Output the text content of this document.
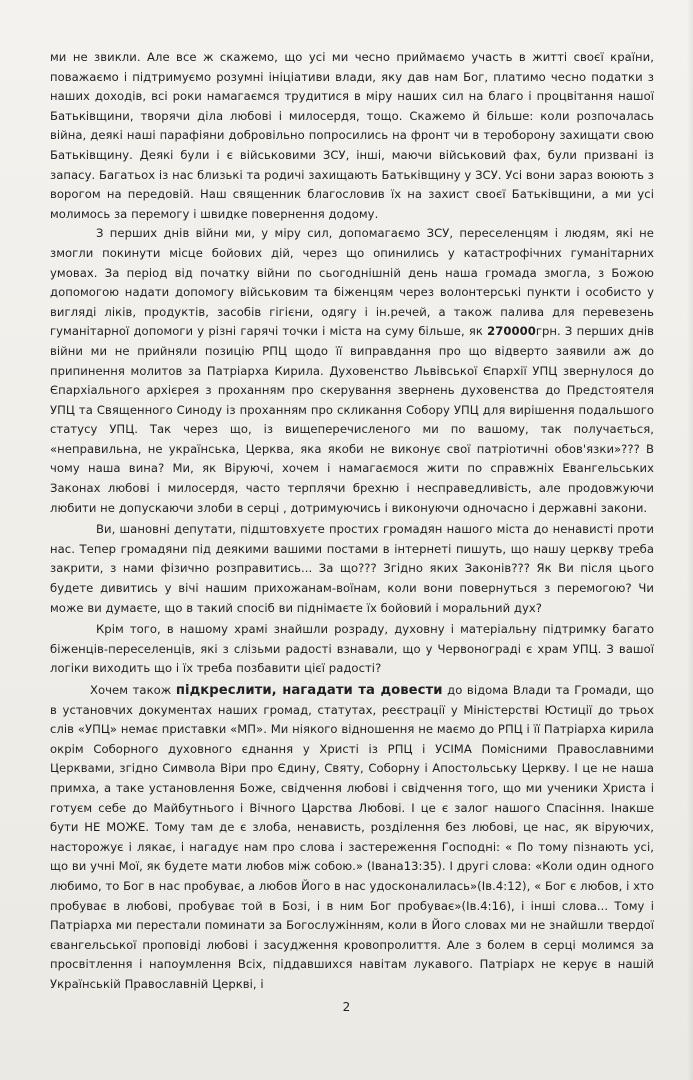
ми не звикли. Але все ж скажемо, що усі ми чесно приймаємо участь в житті своєї країни, поважаємо і підтримуємо розумні ініціативи влади, яку дав нам Бог, платимо чесно податки з наших доходів, всі роки намагаємся трудитися в міру наших сил на благо і процвітання нашої Батьківщини, творячи діла любові і милосердя, тощо. Скажемо й більше: коли розпочалась війна, деякі наші парафіяни добровільно попросились на фронт чи в тероборону захищати свою Батьківщину. Деякі були і є військовими ЗСУ, інші, маючи військовий фах, були призвані із запасу. Багатьох із нас близькі та родичі захищають Батьківщину у ЗСУ. Усі вони зараз воюють з ворогом на передовій. Наш священник благословив їх на захист своєї Батьківщини, а ми усі молимось за перемогу і швидке повернення додому.

З перших днів війни ми, у міру сил, допомагаємо ЗСУ, переселенцям і людям, які не змогли покинути місце бойових дій, через що опинились у катастрофічних гуманітарних умовах. За період від початку війни по сьогоднішній день наша громада змогла, з Божою допомогою надати допомогу військовим та біженцям через волонтерські пункти і особисто у вигляді ліків, продуктів, засобів гігієни, одягу і ін.речей, а також палива для перевезень гуманітарної допомоги у різні гарячі точки і міста на суму більше, як 270000грн. З перших днів війни ми не прийняли позицію РПЦ щодо її виправдання про що відверто заявили аж до припинення молитов за Патріарха Кирила. Духовенство Львівської Єпархії УПЦ звернулося до Єпархіального архієрея з проханням про скерування звернень духовенства до Предстоятеля УПЦ та Священного Синоду із проханням про скликання Собору УПЦ для вирішення подальшого статусу УПЦ. Так через що, із вищеперечисленого ми по вашому, так получається, «неправильна, не українська, Церква, яка якоби не виконує свої патріотичні обов'язки»??? В чому наша вина? Ми, як Віруючі, хочем і намагаємося жити по справжніх Евангельських Законах любові і милосердя, часто терплячи брехню і несправедливість, але продовжуючи любити не допускаючи злоби в серці , дотримуючись і виконуючи одночасно і державні закони.

Ви, шановні депутати, підштовхуєте простих громадян нашого міста до ненависті проти нас. Тепер громадяни під деякими вашими постами в інтернеті пишуть, що нашу церкву треба закрити, з нами фізично розправитись... За що??? Згідно яких Законів??? Як Ви після цього будете дивитись у вічі нашим прихожанам-воїнам, коли вони повернуться з перемогою? Чи може ви думаєте, що в такий спосіб ви піднімаєте їх бойовий і моральний дух?

Крім того, в нашому храмі знайшли розраду, духовну і матеріальну підтримку багато біженців-переселенців, які з слізьми радості взнавали, що у Червонограді є храм УПЦ. З вашої логіки виходить що і їх треба позбавити цієї радості?

Хочем також підкреслити, нагадати та довести до відома Влади та Громади, що в установчих документах наших громад, статутах, реєстрації у Міністерстві Юстиції до трьох слів «УПЦ» немає приставки «МП». Ми ніякого відношення не маємо до РПЦ і її Патріарха кирила окрім Соборного духовного єднання у Христі із РПЦ і УСІМА Помісними Православними Церквами, згідно Символа Віри про Єдину, Святу, Соборну і Апостольську Церкву. І це не наша примха, а таке установлення Боже, свідчення любові і свідчення того, що ми ученики Христа і готуєм себе до Майбутнього і Вічного Царства Любові. І це є залог нашого Спасіння. Інакше бути НЕ МОЖЕ. Тому там де є злоба, ненависть, розділення без любові, це нас, як віруючих, насторожує і лякає, і нагадує нам про слова і застереження Господні: « По тому пізнають усі, що ви учні Мої, як будете мати любов між собою.» (Івана13:35). І другі слова: «Коли один одного любимо, то Бог в нас пробуває, а любов Його в нас удосконалилась»(Ів.4:12), « Бог є любов, і хто пробуває в любові, пробуває той в Бозі, і в ним Бог пробуває»(Ів.4:16), і інші слова... Тому і Патріарха ми перестали поминати за Богослужінням, коли в Його словах ми не знайшли твердої євангельської проповіді любові і засудження кровопролиття. Але з болем в серці молимся за просвітлення і напоумлення Всіх, піддавшихся навітам лукавого. Патріарх не керує в нашій Українській Православній Церкві, і

2
